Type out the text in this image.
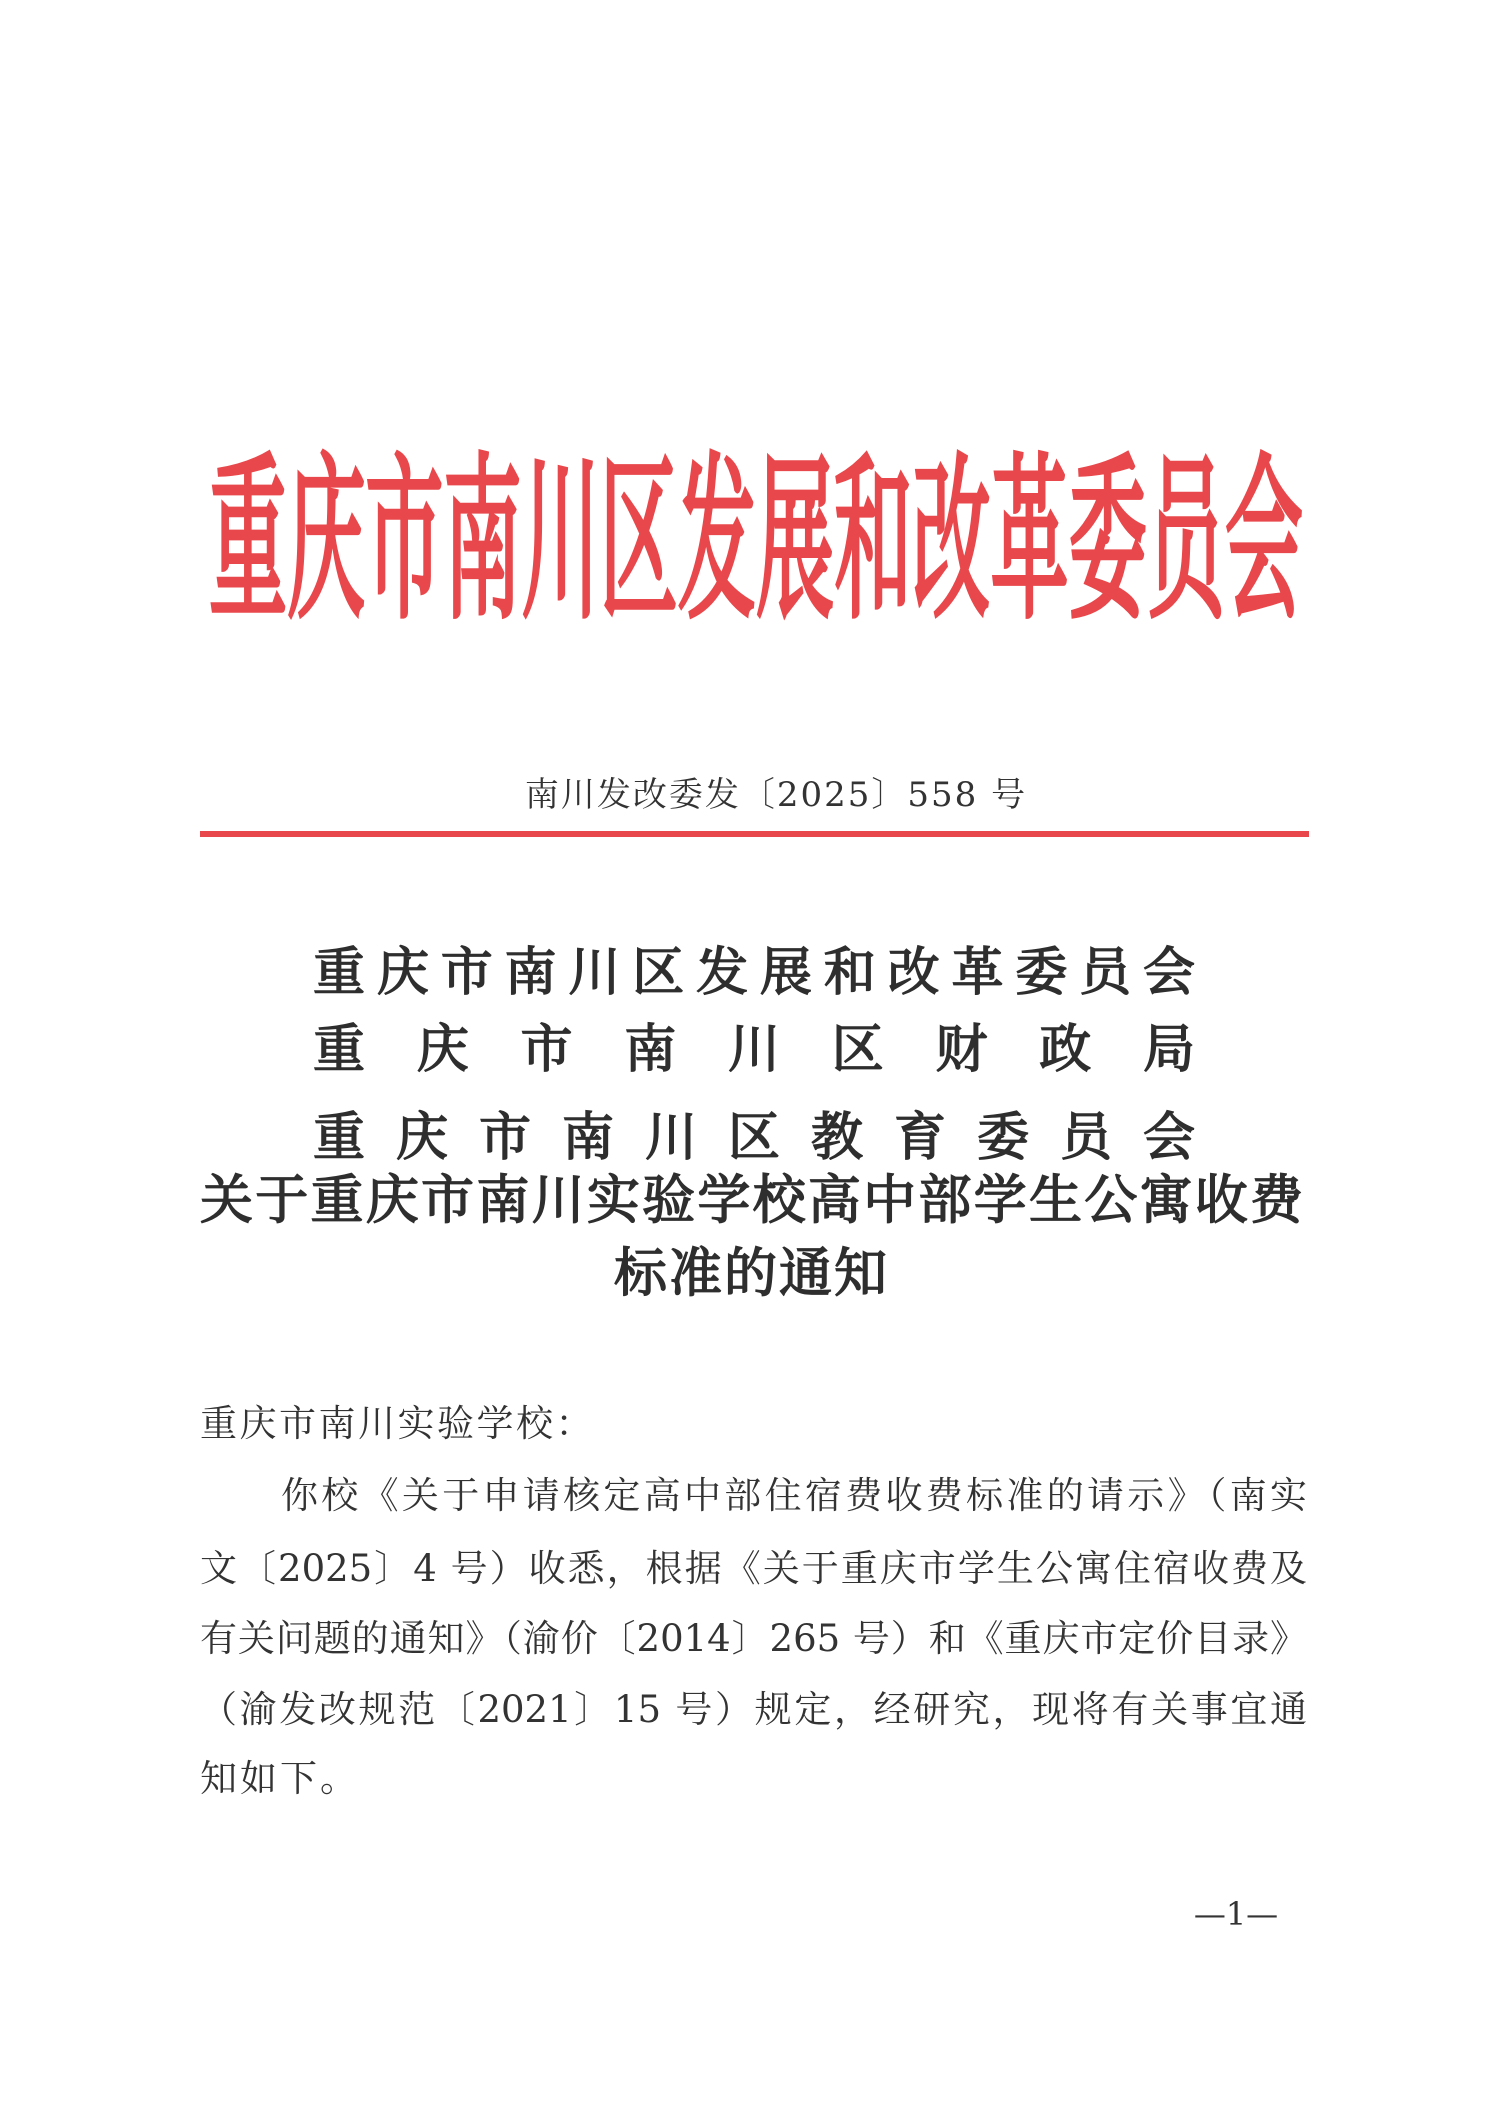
重庆市南川区发展和改革委员会
南川发改委发〔2025〕558 号
重庆市南川区发展和改革委员会
重庆市南川区财政局
重庆市南川区教育委员会
关于重庆市南川实验学校高中部学生公寓收费
标准的通知
重庆市南川实验学校：
你校《关于申请核定高中部住宿费收费标准的请示》（南实
文〔2025〕4 号）收悉，根据《关于重庆市学生公寓住宿收费及
有关问题的通知》（渝价〔2014〕265 号）和《重庆市定价目录》
（渝发改规范〔2021〕15 号）规定，经研究，现将有关事宜通
知如下。
—1—
